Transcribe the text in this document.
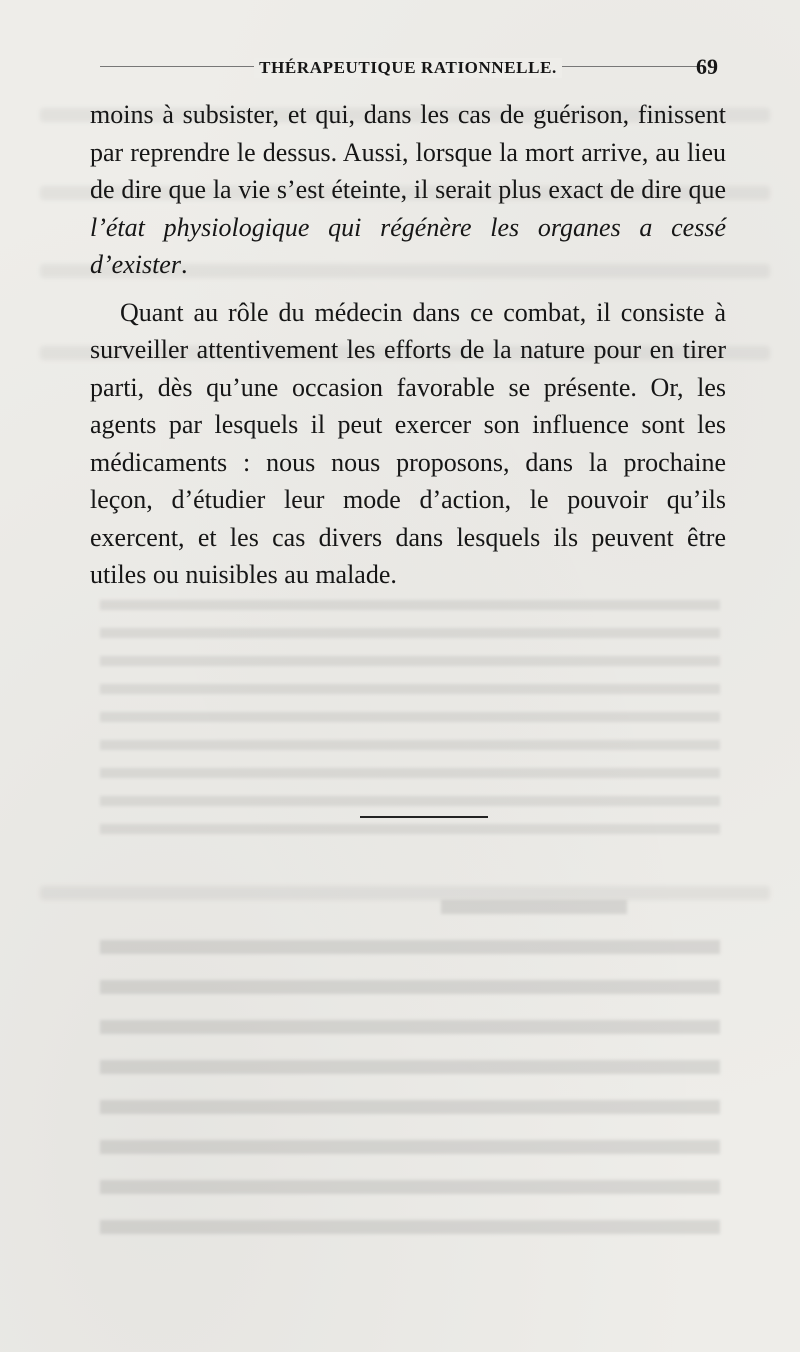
THÉRAPEUTIQUE RATIONNELLE.	69

moins à subsister, et qui, dans les cas de guérison, finissent par reprendre le dessus. Aussi, lorsque la mort arrive, au lieu de dire que la vie s’est éteinte, il serait plus exact de dire que l’état physiologique qui régénère les organes a cessé d’exister.

Quant au rôle du médecin dans ce combat, il consiste à surveiller attentivement les efforts de la nature pour en tirer parti, dès qu’une occasion favorable se présente. Or, les agents par lesquels il peut exercer son influence sont les médicaments : nous nous proposons, dans la prochaine leçon, d’étudier leur mode d’action, le pouvoir qu’ils exercent, et les cas divers dans lesquels ils peuvent être utiles ou nuisibles au malade.
